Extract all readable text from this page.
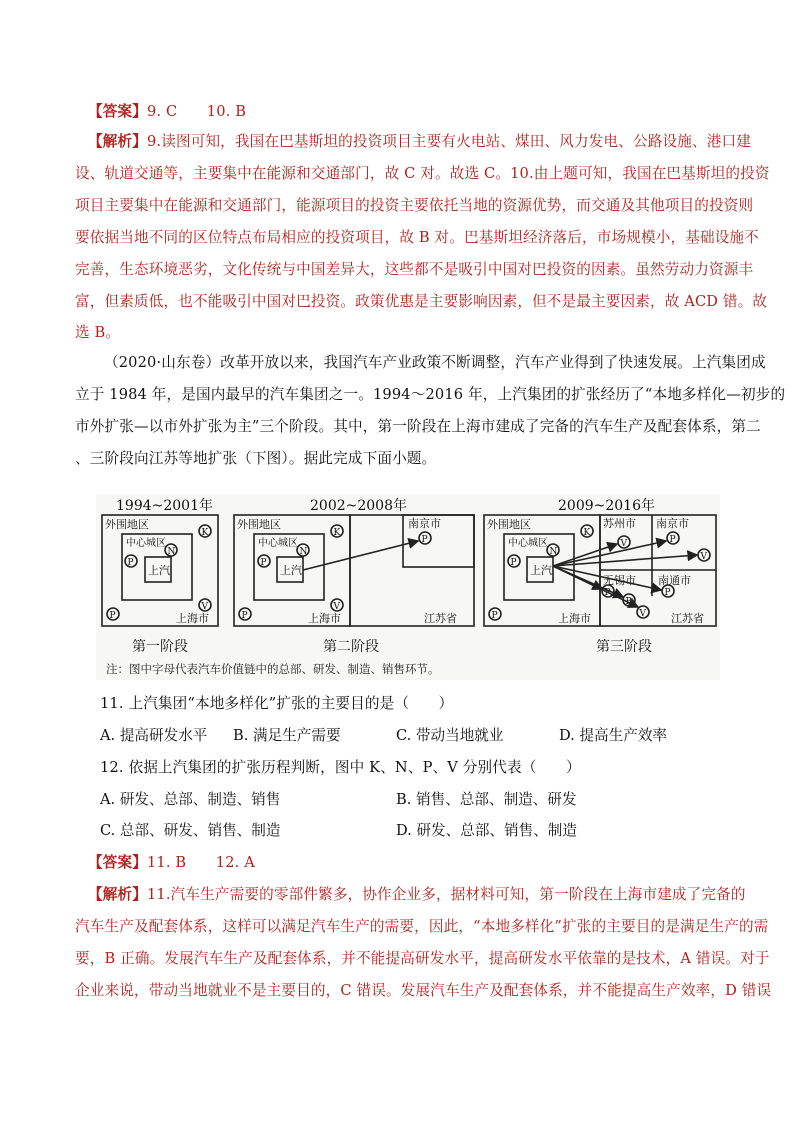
【答案】9. C　　10. B
【解析】9.读图可知，我国在巴基斯坦的投资项目主要有火电站、煤田、风力发电、公路设施、港口建
设、轨道交通等，主要集中在能源和交通部门，故 C 对。故选 C。10.由上题可知，我国在巴基斯坦的投资
项目主要集中在能源和交通部门，能源项目的投资主要依托当地的资源优势，而交通及其他项目的投资则
要依据当地不同的区位特点布局相应的投资项目，故 B 对。巴基斯坦经济落后，市场规模小，基础设施不
完善，生态环境恶劣，文化传统与中国差异大，这些都不是吸引中国对巴投资的因素。虽然劳动力资源丰
富，但素质低，也不能吸引中国对巴投资。政策优惠是主要影响因素，但不是最主要因素，故 ACD 错。故
选 B。
（2020·山东卷）改革开放以来，我国汽车产业政策不断调整，汽车产业得到了快速发展。上汽集团成
立于 1984 年，是国内最早的汽车集团之一。1994～2016 年，上汽集团的扩张经历了“本地多样化—初步的
市外扩张—以市外扩张为主”三个阶段。其中，第一阶段在上海市建成了完备的汽车生产及配套体系，第二
、三阶段向江苏等地扩张（下图）。据此完成下面小题。
1994~2001年
外围地区
中心城区
上汽
N
P
K
V
P	上海市
第一阶段
2002~2008年
外围地区
中心城区
上汽
N
P
K
V
P
南京市
P
上海市	江苏省
第二阶段
2009~2016年
外围地区
中心城区
上汽
N
P
K
P
苏州市
V
南京市
P
V
无锡市
P
P
V
南通市
P
上海市	江苏省
第三阶段
注：图中字母代表汽车价值链中的总部、研发、制造、销售环节。
11. 上汽集团“本地多样化”扩张的主要目的是（　　）
A. 提高研发水平 B. 满足生产需要	C. 带动当地就业	D. 提高生产效率
12. 依据上汽集团的扩张历程判断，图中 K、N、P、V 分别代表（　　）
A. 研发、总部、制造、销售	B. 销售、总部、制造、研发
C. 总部、研发、销售、制造	D. 研发、总部、销售、制造
【答案】11. B　　12. A
【解析】11.汽车生产需要的零部件繁多，协作企业多，据材料可知，第一阶段在上海市建成了完备的
汽车生产及配套体系，这样可以满足汽车生产的需要，因此，“本地多样化”扩张的主要目的是满足生产的需
要，B 正确。发展汽车生产及配套体系，并不能提高研发水平，提高研发水平依靠的是技术，A 错误。对于
企业来说，带动当地就业不是主要目的，C 错误。发展汽车生产及配套体系，并不能提高生产效率，D 错误
